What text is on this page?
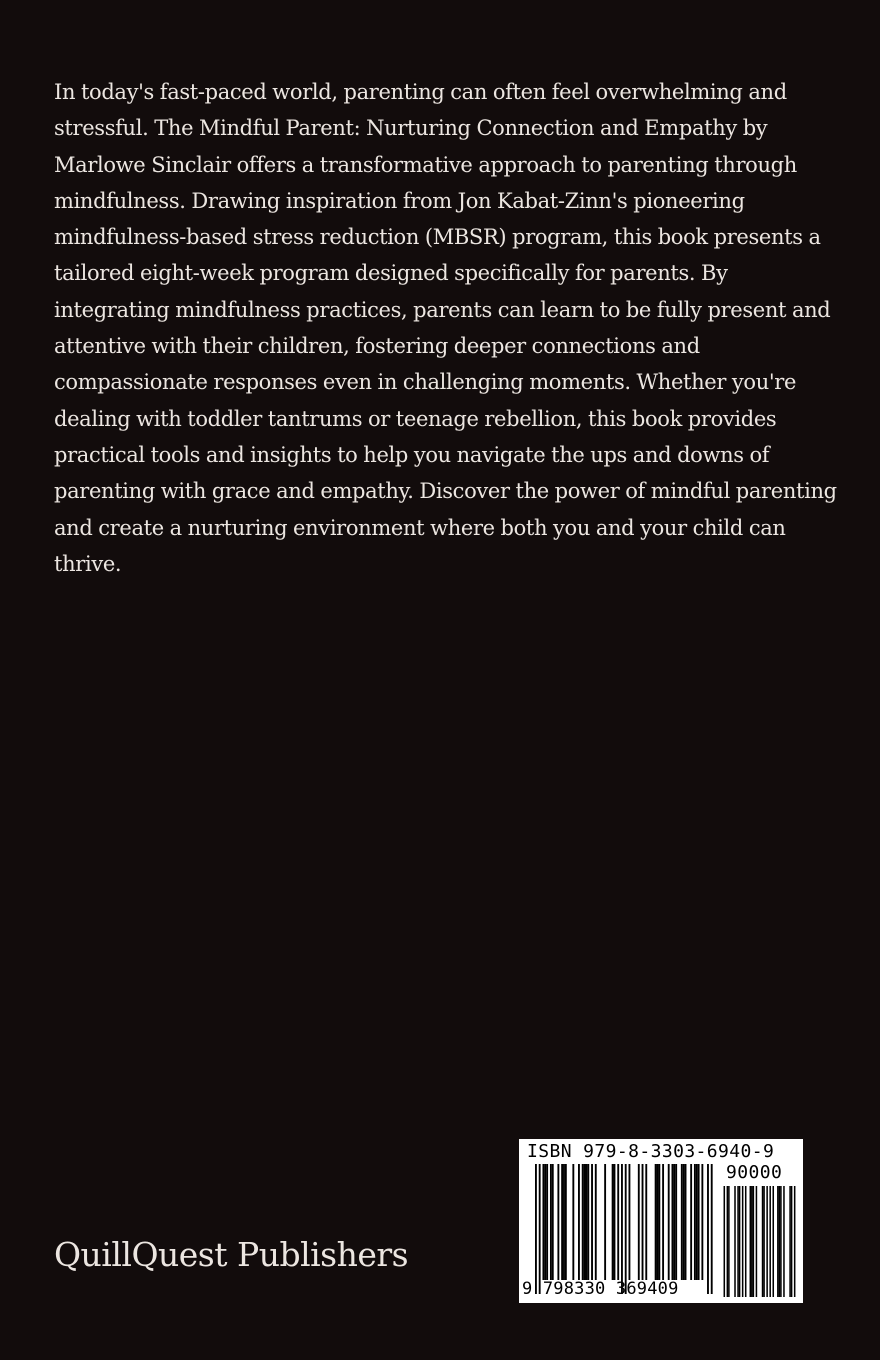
In today's fast-paced world, parenting can often feel overwhelming and stressful. The Mindful Parent: Nurturing Connection and Empathy by Marlowe Sinclair offers a transformative approach to parenting through mindfulness. Drawing inspiration from Jon Kabat-Zinn's pioneering mindfulness-based stress reduction (MBSR) program, this book presents a tailored eight-week program designed specifically for parents. By integrating mindfulness practices, parents can learn to be fully present and attentive with their children, fostering deeper connections and compassionate responses even in challenging moments. Whether you're dealing with toddler tantrums or teenage rebellion, this book provides practical tools and insights to help you navigate the ups and downs of parenting with grace and empathy. Discover the power of mindful parenting and create a nurturing environment where both you and your child can thrive.

QuillQuest Publishers

ISBN 979-8-3303-6940-9

90000

9 798330 369409
